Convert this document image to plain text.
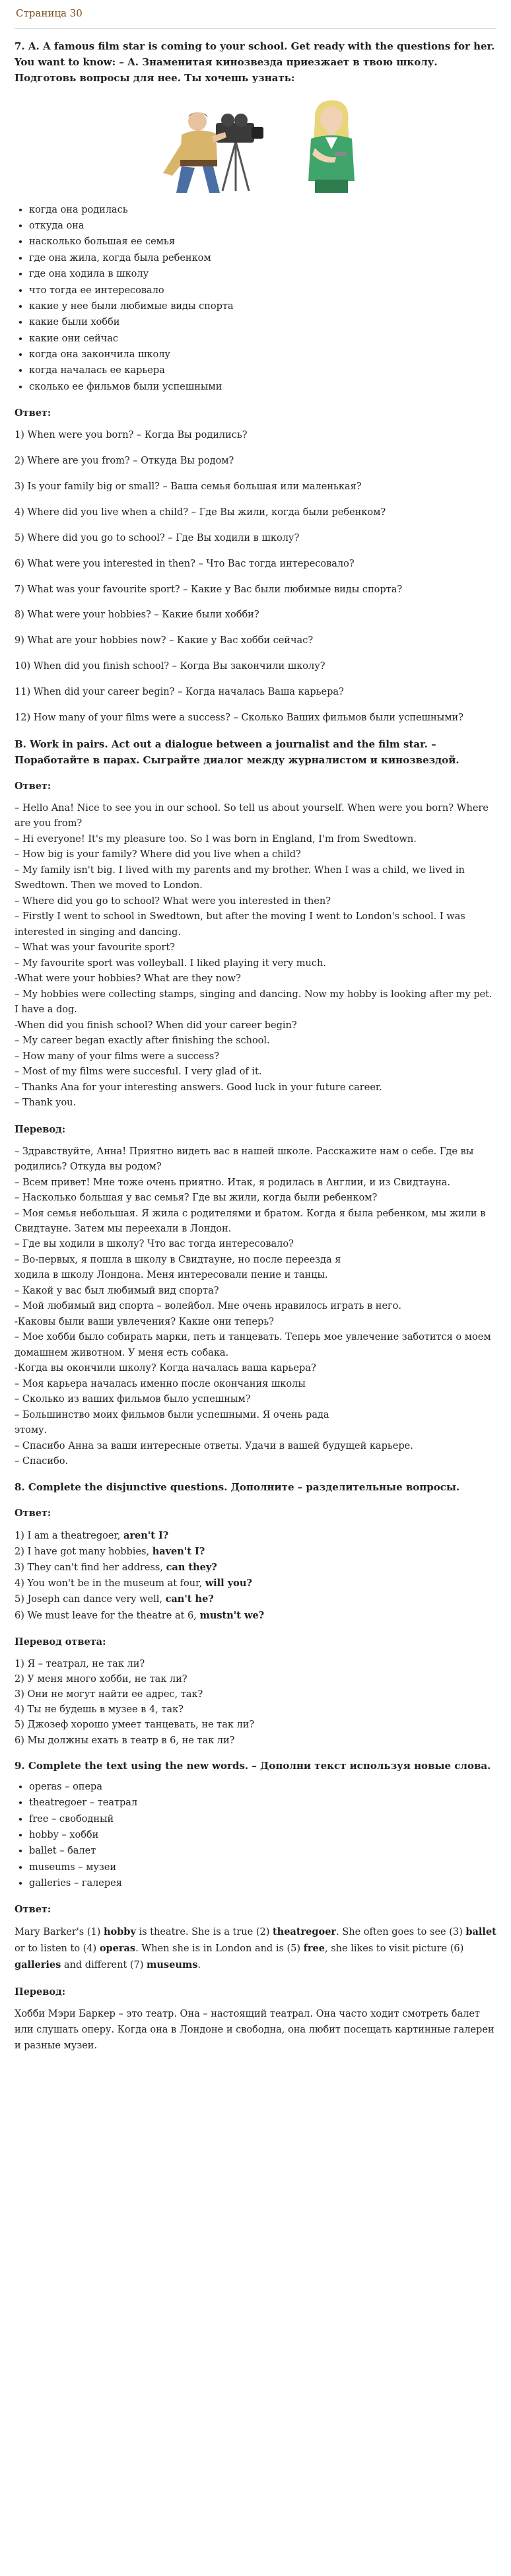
Страница 30

7. A. A famous film star is coming to your school. Get ready with the questions for her. You want to know: – A. Знаменитая кинозвезда приезжает в твою школу. Подготовь вопросы для нее. Ты хочешь узнать:

• когда она родилась
• откуда она
• насколько большая ее семья
• где она жила, когда была ребенком
• где она ходила в школу
• что тогда ее интересовало
• какие у нее были любимые виды спорта
• какие были хобби
• какие они сейчас
• когда она закончила школу
• когда началась ее карьера
• сколько ее фильмов были успешными

Ответ:

1) When were you born? – Когда Вы родились?

2) Where are you from? – Откуда Вы родом?

3) Is your family big or small? – Ваша семья большая или маленькая?

4) Where did you live when a child? – Где Вы жили, когда были ребенком?

5) Where did you go to school? – Где Вы ходили в школу?

6) What were you interested in then? – Что Вас тогда интересовало?

7) What was your favourite sport? – Какие у Вас были любимые виды спорта?

8) What were your hobbies? – Какие были хобби?

9) What are your hobbies now? – Какие у Вас хобби сейчас?

10) When did you finish school? – Когда Вы закончили школу?

11) When did your career begin? – Когда началась Ваша карьера?

12) How many of your films were a success? – Сколько Ваших фильмов были успешными?

B. Work in pairs. Act out a dialogue between a journalist and the film star. – Поработайте в парах. Сыграйте диалог между журналистом и кинозвездой.

Ответ:

– Hello Ana! Nice to see you in our school. So tell us about yourself. When were you born? Where are you from?

– Hi everyone! It's my pleasure too. So I was born in England, I'm from Swedtown.

– How big is your family? Where did you live when a child?

– My family isn't big. I lived with my parents and my brother. When I was a child, we lived in Swedtown. Then we moved to London.

– Where did you go to school? What were you interested in then?

– Firstly I went to school in Swedtown, but after the moving I went to London's school. I was interested in singing and dancing.

– What was your favourite sport?

– My favourite sport was volleyball. I liked playing it very much.

-What were your hobbies? What are they now?

– My hobbies were collecting stamps, singing and dancing. Now my hobby is looking after my pet. I have a dog.

-When did you finish school? When did your career begin?

– My career began exactly after finishing the school.

– How many of your films were a success?

– Most of my films were succesful. I very glad of it.

– Thanks Ana for your interesting answers. Good luck in your future career.

– Thank you.

Перевод:

– Здравствуйте, Анна! Приятно видеть вас в нашей школе. Расскажите нам о себе. Где вы родились? Откуда вы родом?

– Всем привет! Мне тоже очень приятно. Итак, я родилась в Англии, и из Свидтауна.

– Насколько большая у вас семья? Где вы жили, когда были ребенком?

– Моя семья небольшая. Я жила с родителями и братом. Когда я была ребенком, мы жили в Свидтауне. Затем мы переехали в Лондон.

– Где вы ходили в школу? Что вас тогда интересовало?

– Во-первых, я пошла в школу в Свидтауне, но после переезда я

ходила в школу Лондона. Меня интересовали пение и танцы.

– Какой у вас был любимый вид спорта?

– Мой любимый вид спорта – волейбол. Мне очень нравилось играть в него.

-Каковы были ваши увлечения? Какие они теперь?

– Мое хобби было собирать марки, петь и танцевать. Теперь мое увлечение заботится о моем домашнем животном. У меня есть собака.

-Когда вы окончили школу? Когда началась ваша карьера?

– Моя карьера началась именно после окончания школы

– Сколько из ваших фильмов было успешным?

– Большинство моих фильмов были успешными. Я очень рада

этому.

– Спасибо Анна за ваши интересные ответы. Удачи в вашей будущей карьере.

– Спасибо.

8. Complete the disjunctive questions. Дополните – разделительные вопросы.

Ответ:

1) I am a theatregoer, aren't I?

2) I have got many hobbies, haven't I?

3) They can't find her address, can they?

4) You won't be in the museum at four, will you?

5) Joseph can dance very well, can't he?

6) We must leave for the theatre at 6, mustn't we?

Перевод ответа:

1) Я – театрал, не так ли?

2) У меня много хобби, не так ли?

3) Они не могут найти ее адрес, так?

4) Ты не будешь в музее в 4, так?

5) Джозеф хорошо умеет танцевать, не так ли?

6) Мы должны ехать в театр в 6, не так ли?

9. Complete the text using the new words. – Дополни текст используя новые слова.

• operas – опера
• theatregoer – театрал
• free – свободный
• hobby – хобби
• ballet – балет
• museums – музеи
• galleries – галерея

Ответ:

Mary Barker's (1) hobby is theatre. She is a true (2) theatregoer. She often goes to see (3) ballet or to listen to (4) operas. When she is in London and is (5) free, she likes to visit picture (6) galleries and different (7) museums.

Перевод:

Хобби Мэри Баркер – это театр. Она – настоящий театрал. Она часто ходит смотреть балет или слушать оперу. Когда она в Лондоне и свободна, она любит посещать картинные галереи и разные музеи.
